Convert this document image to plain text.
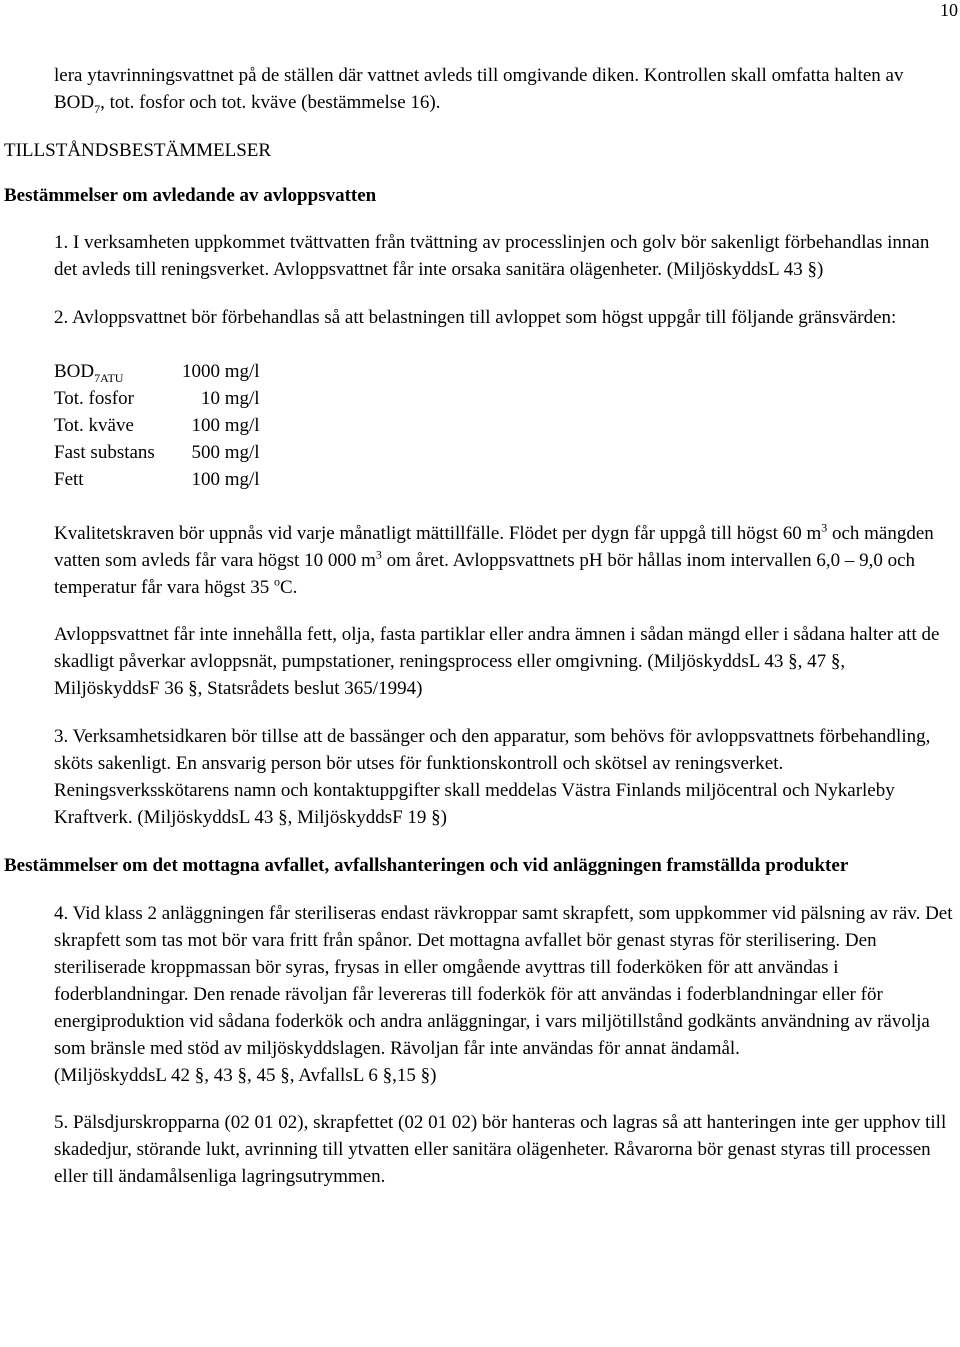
10

lera ytavrinningsvattnet på de ställen där vattnet avleds till omgivande diken. Kontrollen skall omfatta halten av $BOD_7$, tot. fosfor och tot. kväve (bestämmelse 16).

TILLSTÅNDSBESTÄMMELSER

Bestämmelser om avledande av avloppsvatten

1. I verksamheten uppkommet tvättvatten från tvättning av processlinjen och golv bör sakenligt förbehandlas innan det avleds till reningsverket. Avloppsvattnet får inte orsaka sanitära olägenheter. (MiljöskyddsL 43 §)

2. Avloppsvattnet bör förbehandlas så att belastningen till avloppet som högst uppgår till följande gränsvärden:

$BOD_{7ATU}$	1000 mg/l
Tot. fosfor	10 mg/l
Tot. kväve	100 mg/l
Fast substans 500 mg/l
Fett	100 mg/l

Kvalitetskraven bör uppnås vid varje månatligt mättillfälle. Flödet per dygn får uppgå till högst 60 $m^3$ och mängden vatten som avleds får vara högst 10 000 $m^3$ om året. Avloppsvattnets pH bör hållas inom intervallen 6,0 – 9,0 och temperatur får vara högst 35 $^o$C.

Avloppsvattnet får inte innehålla fett, olja, fasta partiklar eller andra ämnen i sådan mängd eller i sådana halter att de skadligt påverkar avloppsnät, pumpstationer, reningsprocess eller omgivning. (MiljöskyddsL 43 §, 47 §, MiljöskyddsF 36 §, Statsrådets beslut 365/1994)

3. Verksamhetsidkaren bör tillse att de bassänger och den apparatur, som behövs för avloppsvattnets förbehandling, sköts sakenligt. En ansvarig person bör utses för funktionskontroll och skötsel av reningsverket. Reningsverksskötarens namn och kontaktuppgifter skall meddelas Västra Finlands miljöcentral och Nykarleby Kraftverk. (MiljöskyddsL 43 §, MiljöskyddsF 19 §)

Bestämmelser om det mottagna avfallet, avfallshanteringen och vid anläggningen framställda produkter

4. Vid klass 2 anläggningen får steriliseras endast rävkroppar samt skrapfett, som uppkommer vid pälsning av räv. Det skrapfett som tas mot bör vara fritt från spånor. Det mottagna avfallet bör genast styras för sterilisering. Den steriliserade kroppmassan bör syras, frysas in eller omgående avyttras till foderköken för att användas i foderblandningar. Den renade rävoljan får levereras till foderkök för att användas i foderblandningar eller för energiproduktion vid sådana foderkök och andra anläggningar, i vars miljötillstånd godkänts användning av rävolja som bränsle med stöd av miljöskyddslagen. Rävoljan får inte användas för annat ändamål.

(MiljöskyddsL 42 §, 43 §, 45 §, AvfallsL 6 §,15 §)

5. Pälsdjurskropparna (02 01 02), skrapfettet (02 01 02) bör hanteras och lagras så att hanteringen inte ger upphov till skadedjur, störande lukt, avrinning till ytvatten eller sanitära olägenheter. Råvarorna bör genast styras till processen eller till ändamålsenliga lagringsutrymmen.
